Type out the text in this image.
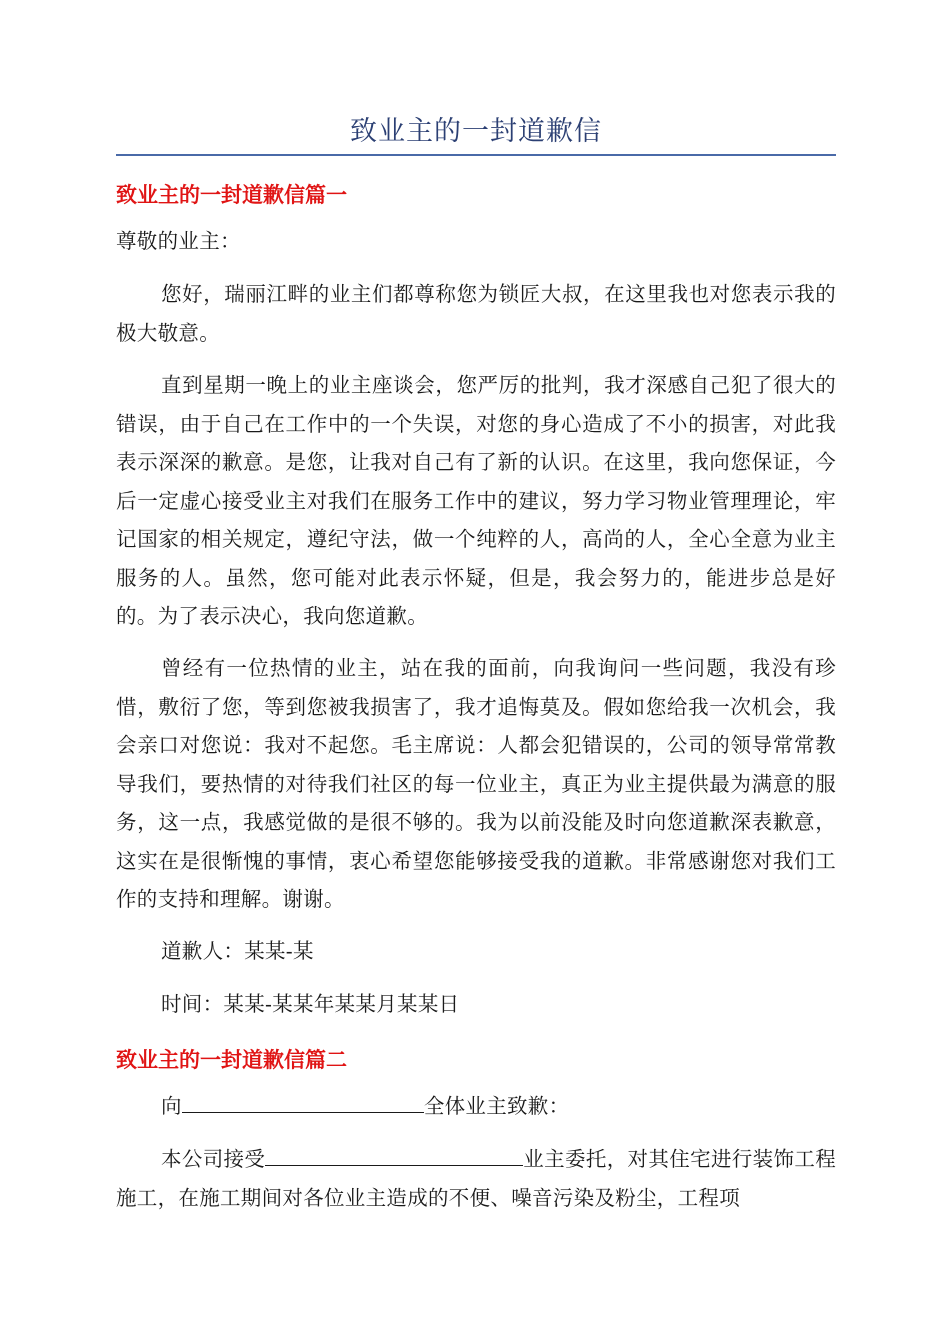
致业主的一封道歉信
致业主的一封道歉信篇一
尊敬的业主：
您好，瑞丽江畔的业主们都尊称您为锁匠大叔，在这里我也对您表示我的极大敬意。
直到星期一晚上的业主座谈会，您严厉的批判，我才深感自己犯了很大的错误，由于自己在工作中的一个失误，对您的身心造成了不小的损害，对此我表示深深的歉意。是您，让我对自己有了新的认识。在这里，我向您保证，今后一定虚心接受业主对我们在服务工作中的建议，努力学习物业管理理论，牢记国家的相关规定，遵纪守法，做一个纯粹的人，高尚的人，全心全意为业主服务的人。虽然，您可能对此表示怀疑，但是，我会努力的，能进步总是好的。为了表示决心，我向您道歉。
曾经有一位热情的业主，站在我的面前，向我询问一些问题，我没有珍惜，敷衍了您，等到您被我损害了，我才追悔莫及。假如您给我一次机会，我会亲口对您说：我对不起您。毛主席说：人都会犯错误的，公司的领导常常教导我们，要热情的对待我们社区的每一位业主，真正为业主提供最为满意的服务，这一点，我感觉做的是很不够的。我为以前没能及时向您道歉深表歉意，这实在是很惭愧的事情，衷心希望您能够接受我的道歉。非常感谢您对我们工作的支持和理解。谢谢。
道歉人：某某-某
时间：某某-某某年某某月某某日
致业主的一封道歉信篇二
向	全体业主致歉：
本公司接受	业主委托，对其住宅进行装饰工程施工，在施工期间对各位业主造成的不便、噪音污染及粉尘，工程项
